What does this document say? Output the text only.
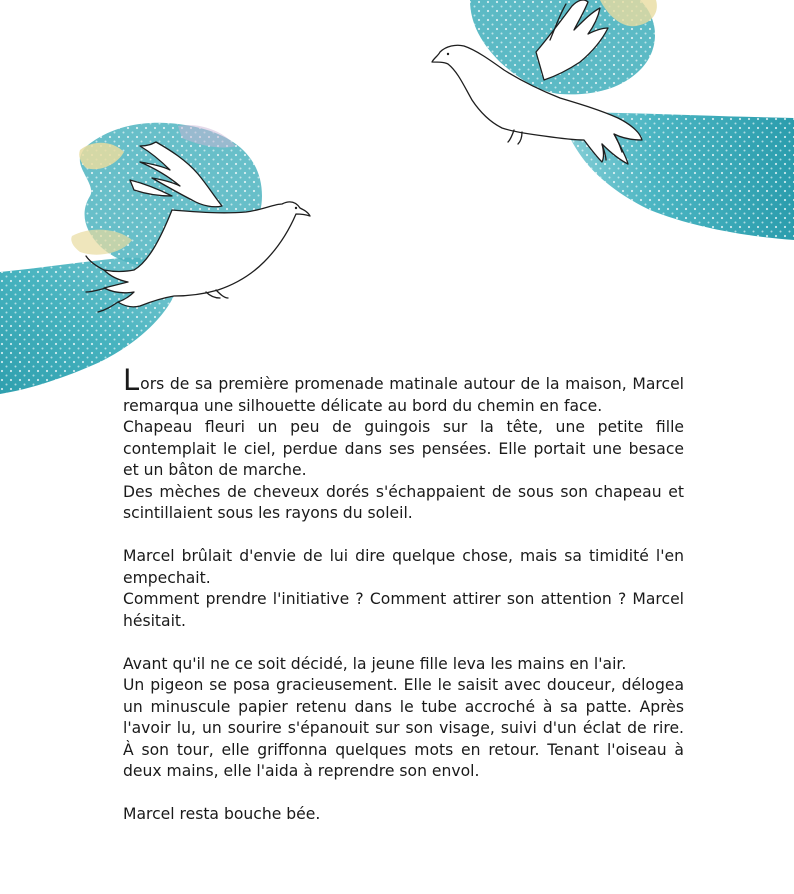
Lors de sa première promenade matinale autour de la maison, Marcel remarqua une silhouette délicate au bord du chemin en face.

Chapeau fleuri un peu de guingois sur la tête, une petite fille contemplait le ciel, perdue dans ses pensées. Elle portait une besace et un bâton de marche.

Des mèches de cheveux dorés s'échappaient de sous son chapeau et scintillaient sous les rayons du soleil.

Marcel brûlait d'envie de lui dire quelque chose, mais sa timidité l'en empechait.

Comment prendre l'initiative ? Comment attirer son attention ? Marcel hésitait.

Avant qu'il ne ce soit décidé, la jeune fille leva les mains en l'air.

Un pigeon se posa gracieusement. Elle le saisit avec douceur, délogea un minuscule papier retenu dans le tube accroché à sa patte. Après l'avoir lu, un sourire s'épanouit sur son visage, suivi d'un éclat de rire. À son tour, elle griffonna quelques mots en retour. Tenant l'oiseau à deux mains, elle l'aida à reprendre son envol.

Marcel resta bouche bée.
